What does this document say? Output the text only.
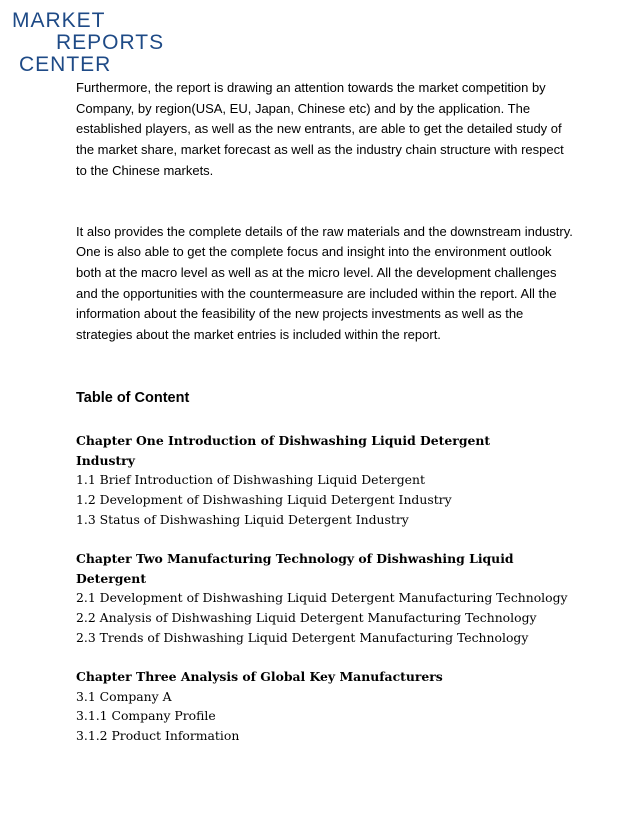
MARKET
REPORTS
CENTER

Furthermore, the report is drawing an attention towards the market competition by Company, by region(USA, EU, Japan, Chinese etc) and by the application. The established players, as well as the new entrants, are able to get the detailed study of the market share, market forecast as well as the industry chain structure with respect to the Chinese markets.

It also provides the complete details of the raw materials and the downstream industry. One is also able to get the complete focus and insight into the environment outlook both at the macro level as well as at the micro level. All the development challenges and the opportunities with the countermeasure are included within the report. All the information about the feasibility of the new projects investments as well as the strategies about the market entries is included within the report.

Table of Content
Chapter One Introduction of Dishwashing Liquid Detergent Industry
1.1 Brief Introduction of Dishwashing Liquid Detergent
1.2 Development of Dishwashing Liquid Detergent Industry
1.3 Status of Dishwashing Liquid Detergent Industry
Chapter Two Manufacturing Technology of Dishwashing Liquid Detergent
2.1 Development of Dishwashing Liquid Detergent Manufacturing Technology
2.2 Analysis of Dishwashing Liquid Detergent Manufacturing Technology
2.3 Trends of Dishwashing Liquid Detergent Manufacturing Technology
Chapter Three Analysis of Global Key Manufacturers
3.1 Company A
3.1.1 Company Profile
3.1.2 Product Information
